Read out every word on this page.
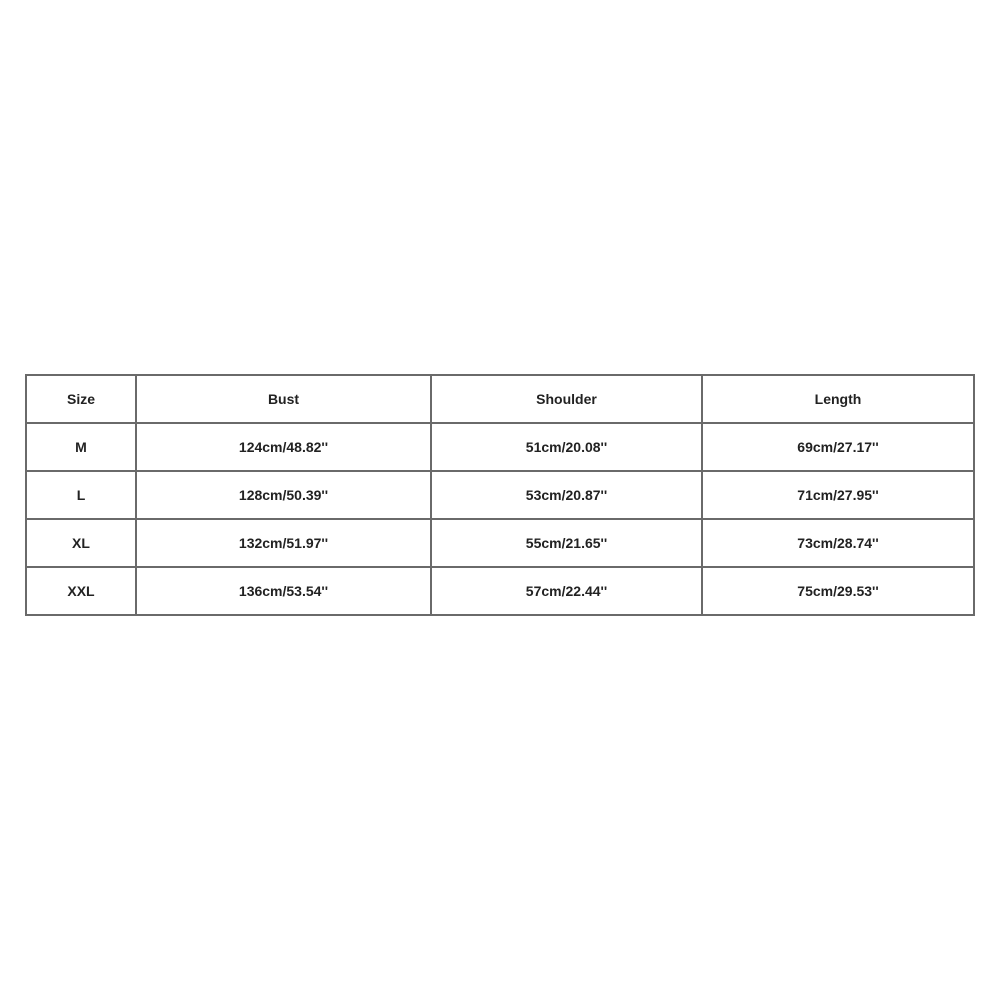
Size	Bust	Shoulder	Length
M	124cm/48.82''	51cm/20.08''	69cm/27.17''
L	128cm/50.39''	53cm/20.87''	71cm/27.95''
XL	132cm/51.97''	55cm/21.65''	73cm/28.74''
XXL	136cm/53.54''	57cm/22.44''	75cm/29.53''
